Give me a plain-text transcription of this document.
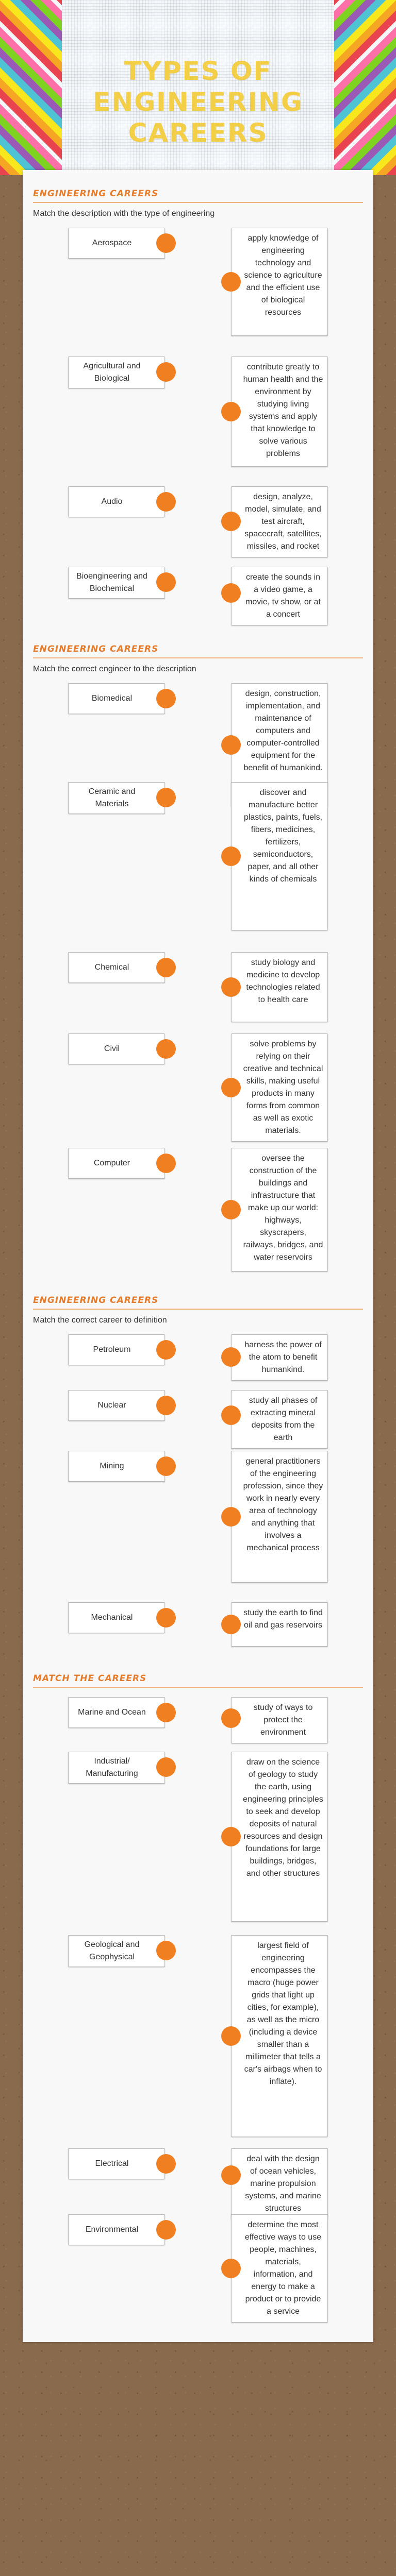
TYPES OF ENGINEERING CAREERS
ENGINEERING CAREERS

Match the description with the type of engineering

Aerospace
apply knowledge of engineering technology and science to agriculture and the efficient use of biological resources
Agricultural and Biological
contribute greatly to human health and the environment by studying living systems and apply that knowledge to solve various problems
Audio
design, analyze, model, simulate, and test aircraft, spacecraft, satellites, missiles, and rocket
Bioengineering and Biochemical
create the sounds in a video game, a movie, tv show, or at a concert
ENGINEERING CAREERS

Match the correct engineer to the description

Biomedical
design, construction, implementation, and maintenance of computers and computer-controlled equipment for the benefit of humankind.
Ceramic and Materials
discover and manufacture better plastics, paints, fuels, fibers, medicines, fertilizers, semiconductors, paper, and all other kinds of chemicals
Chemical
study biology and medicine to develop technologies related to health care
Civil
solve problems by relying on their creative and technical skills, making useful products in many forms from common as well as exotic materials.
Computer
oversee the construction of the buildings and infrastructure that make up our world: highways, skyscrapers, railways, bridges, and water reservoirs
ENGINEERING CAREERS

Match the correct career to definition

Petroleum
harness the power of the atom to benefit humankind.
Nuclear
study all phases of extracting mineral deposits from the earth
Mining
general practitioners of the engineering profession, since they work in nearly every area of technology and anything that involves a mechanical process
Mechanical
study the earth to find oil and gas reservoirs
MATCH THE CAREERS
Marine and Ocean
study of ways to protect the environment
Industrial/ Manufacturing
draw on the science of geology to study the earth, using engineering principles to seek and develop deposits of natural resources and design foundations for large buildings, bridges, and other structures
Geological and Geophysical
largest field of engineering encompasses the macro (huge power grids that light up cities, for example), as well as the micro (including a device smaller than a millimeter that tells a car's airbags when to inflate).
Electrical
deal with the design of ocean vehicles, marine propulsion systems, and marine structures
Environmental
determine the most effective ways to use people, machines, materials, information, and energy to make a product or to provide a service
